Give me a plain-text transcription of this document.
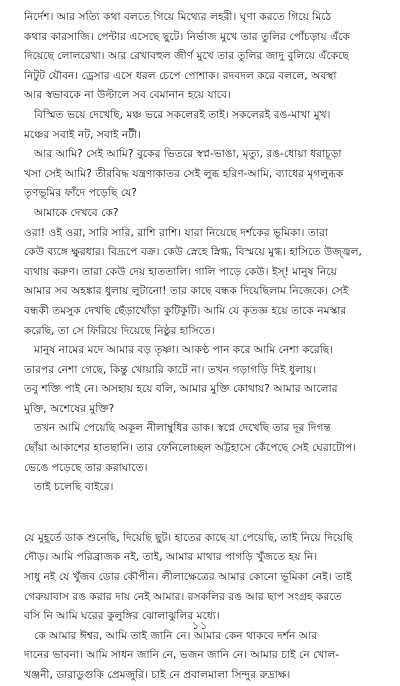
নির্দেশ। আর সত্যি কথা বলতে গিয়ে মিথ্যের লহরী। ঘৃণা করতে গিয়ে মিঠে
কথার কারসাজি। পেন্টার এসেছে ছুটে। নির্ভাজ মুখে তার তুলির পোঁচড়ায় এঁকে
দিয়েছে লোলরেখা। আর রেখাবহুল জীর্ণ মুখে তার তুলির জাদু বুলিয়ে এঁকেছে
নিটুট যৌবন। ড্রেসার এসে ধরল চেপে পোশাক। রদবদল করে বললে, অবস্থা
আর স্বভাবকে না উল্টালে সব বেমানান হয়ে যাবে।
বিস্মিত ভয়ে দেখেছি, মঞ্চ ভরে সকলেরই তাই। সকলেরই রঙ-মাখা মুখ।
মঞ্চের সবাই নট, সবাই নটী।
আর আমি? সেই আমি? বুকের ভিতরে স্বপ্ন-ভাঙা, মৃত্যু, রঙ-ধোয়া ধরাচূড়া
খসা সেই আমি? তীরবিদ্ধ যন্ত্রণাকাতর সেই লুব্ধ হরিণ-আমি, ব্যাধের মৃগলুব্ধক
তৃণভূমির ফাঁদে পড়েছি যে?
আমাকে দেখবে কে?
ওরা! ওই ওরা, সারি সারি, রাশি রাশি। যারা নিয়েছে দর্শকের ভূমিকা। তারা
কেউ ব্যঙ্গে ক্ষুরধার। বিদ্রূপে বক্র। কেউ স্নেহে স্নিগ্ধ, বিস্ময়ে মুগ্ধ। হাসিতে উজ্জ্বল,
ব্যথায় করুণ। তারা কেউ দেয় হাততালি। গালি পাড়ে কেউ। ইস্! মানুষ নিয়ে
আমার সব অহঙ্কার ধুলায় লুটানো! তার কাছে বন্ধক দিয়েছিলাম নিজেকে। সেই
বন্ধকী তমসুক দেখছি ছেঁড়াখোঁড়া কুটিকুটি। আমি যে কৃতজ্ঞ হয়ে তাকে নমস্কার
করেছি, তা সে ফিরিয়ে দিয়েছে নিষ্ঠুর হাসিতে।
মানুষ নামের মদে আমার বড় তৃষ্ণা। আকণ্ঠ পান করে আমি নেশা করেছি।
তারপর নেশা গেছে, কিন্তু খোয়ারি কাটে না। তখন গড়াগড়ি দিই ধুলায়।
তবু শক্তি পাই নে। অসহায় হয়ে বলি, আমার মুক্তি কোথায়? আমার আলোর
মুক্তি, অশেষের মুক্তি?
তখন আমি পেয়েছি অকূল নীলাম্বুধির ডাক। স্বপ্নে দেখেছি তার দূর দিগন্ত
ছোঁয়া আকাশের হাতছানি। তার ফেনিলোচ্ছল অট্টহাসে কেঁপেছে সেই ঘেরাটোপ।
ভেঙে পড়েছে তার করাঘাতে।
তাই চলেছি বাইরে।
যে মুহূর্তে ডাক শুনেছি, দিয়েছি ছুট। হাতের কাছে যা পেয়েছি, তাই নিয়ে দিয়েছি
দৌড়। আমি পরিব্রাজক নই, তাই, আমার মাথার পাগড়ি খুঁজতে হয় নি।
সাধু নই যে খুঁজব ডোর কৌপীন। লীলাক্ষেত্রের আমার কোনো ভূমিকা নেই। তাই
গেরুয়াবাস রঙ করার দায় নেই আমার। রসকলির রঙ আর ছাপ সংগ্রহ করতে
বসি নি আমি ঘরের কুলুঙ্গির ঝোলাঝুলির মধ্যে।
কে আমার ঈশ্বর, আমি তাই জানি নে। আমার কেন থাকবে দর্শন আর
দানের ভাবনা। আমি সাধন জানি নে, ভজন জানি নে। আমার চাই নে খোল-
খঞ্জনী, ডারাডুগুকি প্রেমজুরি। চাই নে প্রবালমালা সিন্দুর রুদ্রাক্ষ।
১১
